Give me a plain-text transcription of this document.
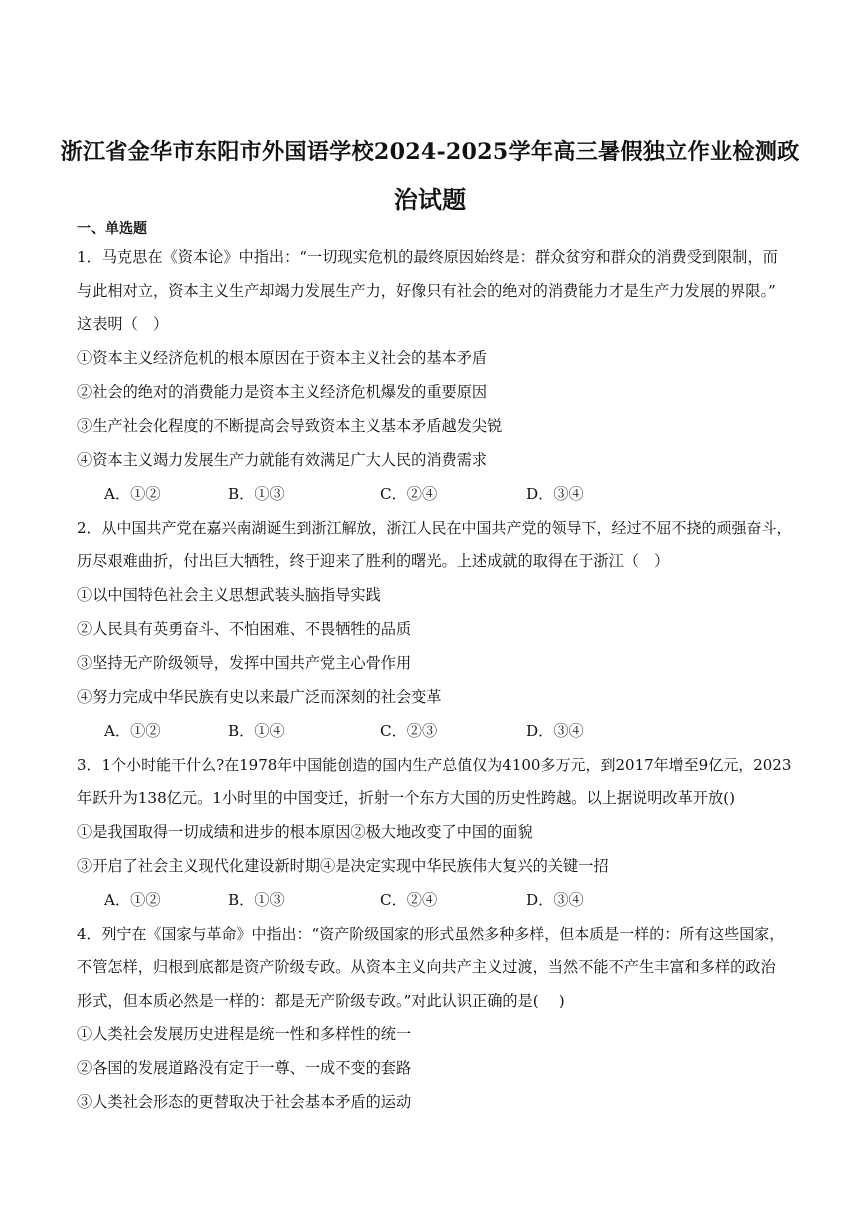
浙江省金华市东阳市外国语学校2024-2025学年高三暑假独立作业检测政
治试题
一、单选题
1．马克思在《资本论》中指出：“一切现实危机的最终原因始终是：群众贫穷和群众的消费受到限制，而
与此相对立，资本主义生产却竭力发展生产力，好像只有社会的绝对的消费能力才是生产力发展的界限。”
这表明（　）
①资本主义经济危机的根本原因在于资本主义社会的基本矛盾
②社会的绝对的消费能力是资本主义经济危机爆发的重要原因
③生产社会化程度的不断提高会导致资本主义基本矛盾越发尖锐
④资本主义竭力发展生产力就能有效满足广大人民的消费需求
A．①②	B．①③	C．②④	D．③④
2．从中国共产党在嘉兴南湖诞生到浙江解放，浙江人民在中国共产党的领导下，经过不屈不挠的顽强奋斗，
历尽艰难曲折，付出巨大牺牲，终于迎来了胜利的曙光。上述成就的取得在于浙江（　）
①以中国特色社会主义思想武装头脑指导实践
②人民具有英勇奋斗、不怕困难、不畏牺牲的品质
③坚持无产阶级领导，发挥中国共产党主心骨作用
④努力完成中华民族有史以来最广泛而深刻的社会变革
A．①②	B．①④	C．②③	D．③④
3．1个小时能干什么?在1978年中国能创造的国内生产总值仅为4100多万元，到2017年增至9亿元，2023
年跃升为138亿元。1小时里的中国变迁，折射一个东方大国的历史性跨越。以上据说明改革开放()
①是我国取得一切成绩和进步的根本原因②极大地改变了中国的面貌
③开启了社会主义现代化建设新时期④是决定实现中华民族伟大复兴的关键一招
A．①②	B．①③	C．②④	D．③④
4．列宁在《国家与革命》中指出：“资产阶级国家的形式虽然多种多样，但本质是一样的：所有这些国家，
不管怎样，归根到底都是资产阶级专政。从资本主义向共产主义过渡，当然不能不产生丰富和多样的政治
形式，但本质必然是一样的：都是无产阶级专政。”对此认识正确的是(　 )
①人类社会发展历史进程是统一性和多样性的统一
②各国的发展道路没有定于一尊、一成不变的套路
③人类社会形态的更替取决于社会基本矛盾的运动
